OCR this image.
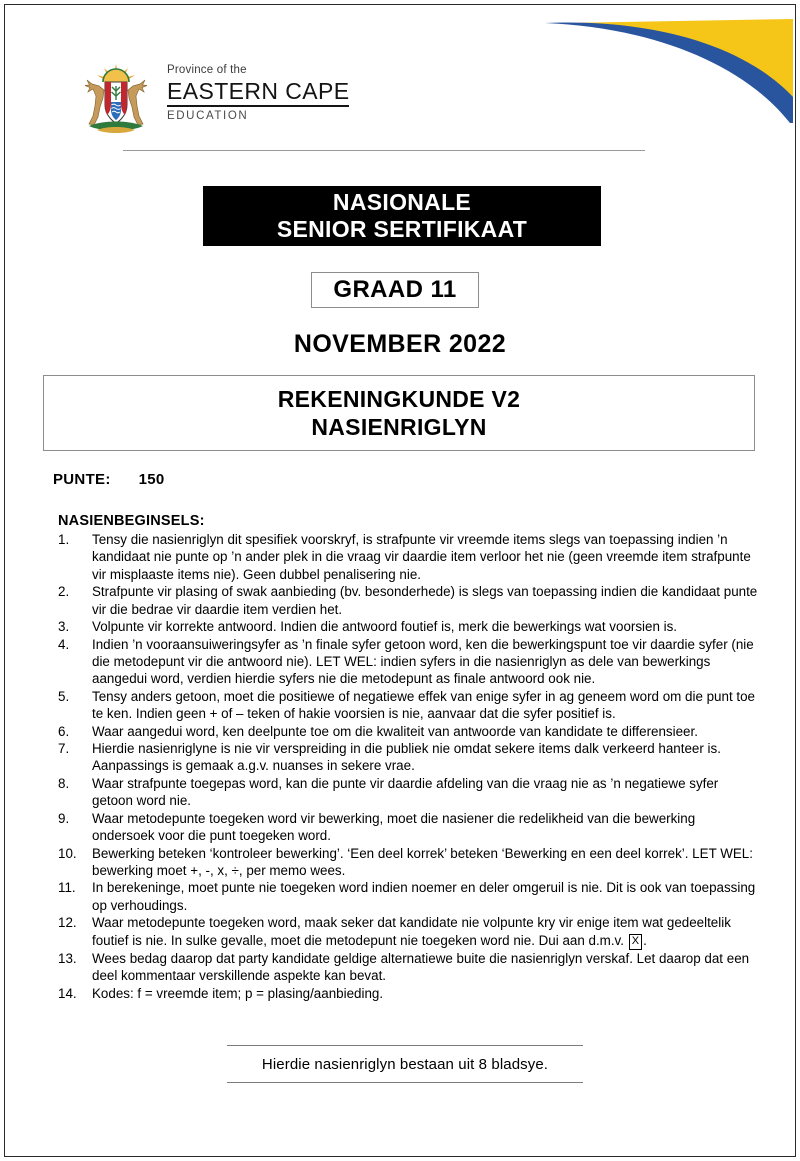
Province of the
EASTERN CAPE
EDUCATION
NASIONALE
SENIOR SERTIFIKAAT
GRAAD 11
NOVEMBER 2022
REKENINGKUNDE V2
NASIENRIGLYN
PUNTE: 150
NASIENBEGINSELS:
1.	Tensy die nasienriglyn dit spesifiek voorskryf, is strafpunte vir vreemde items slegs van toepassing indien ’n kandidaat nie punte op ’n ander plek in die vraag vir daardie item verloor het nie (geen vreemde item strafpunte vir misplaaste items nie). Geen dubbel penalisering nie.
2.	Strafpunte vir plasing of swak aanbieding (bv. besonderhede) is slegs van toepassing indien die kandidaat punte vir die bedrae vir daardie item verdien het.
3.	Volpunte vir korrekte antwoord. Indien die antwoord foutief is, merk die bewerkings wat voorsien is.
4.	Indien ’n vooraansuiweringsyfer as ’n finale syfer getoon word, ken die bewerkingspunt toe vir daardie syfer (nie die metodepunt vir die antwoord nie). LET WEL: indien syfers in die nasienriglyn as dele van bewerkings aangedui word, verdien hierdie syfers nie die metodepunt as finale antwoord ook nie.
5.	Tensy anders getoon, moet die positiewe of negatiewe effek van enige syfer in ag geneem word om die punt toe te ken. Indien geen + of – teken of hakie voorsien is nie, aanvaar dat die syfer positief is.
6.	Waar aangedui word, ken deelpunte toe om die kwaliteit van antwoorde van kandidate te differensieer.
7.	Hierdie nasienriglyne is nie vir verspreiding in die publiek nie omdat sekere items dalk verkeerd hanteer is. Aanpassings is gemaak a.g.v. nuanses in sekere vrae.
8.	Waar strafpunte toegepas word, kan die punte vir daardie afdeling van die vraag nie as ’n negatiewe syfer getoon word nie.
9.	Waar metodepunte toegeken word vir bewerking, moet die nasiener die redelikheid van die bewerking ondersoek voor die punt toegeken word.
10.	Bewerking beteken ‘kontroleer bewerking’. ‘Een deel korrek’ beteken ‘Bewerking en een deel korrek’. LET WEL: bewerking moet +, -, x, ÷, per memo wees.
11.	In berekeninge, moet punte nie toegeken word indien noemer en deler omgeruil is nie. Dit is ook van toepassing op verhoudings.
12.	Waar metodepunte toegeken word, maak seker dat kandidate nie volpunte kry vir enige item wat gedeeltelik foutief is nie. In sulke gevalle, moet die metodepunt nie toegeken word nie. Dui aan d.m.v. X .
13.	Wees bedag daarop dat party kandidate geldige alternatiewe buite die nasienriglyn verskaf. Let daarop dat een deel kommentaar verskillende aspekte kan bevat.
14.	Kodes: f = vreemde item; p = plasing/aanbieding.
Hierdie nasienriglyn bestaan uit 8 bladsye.
